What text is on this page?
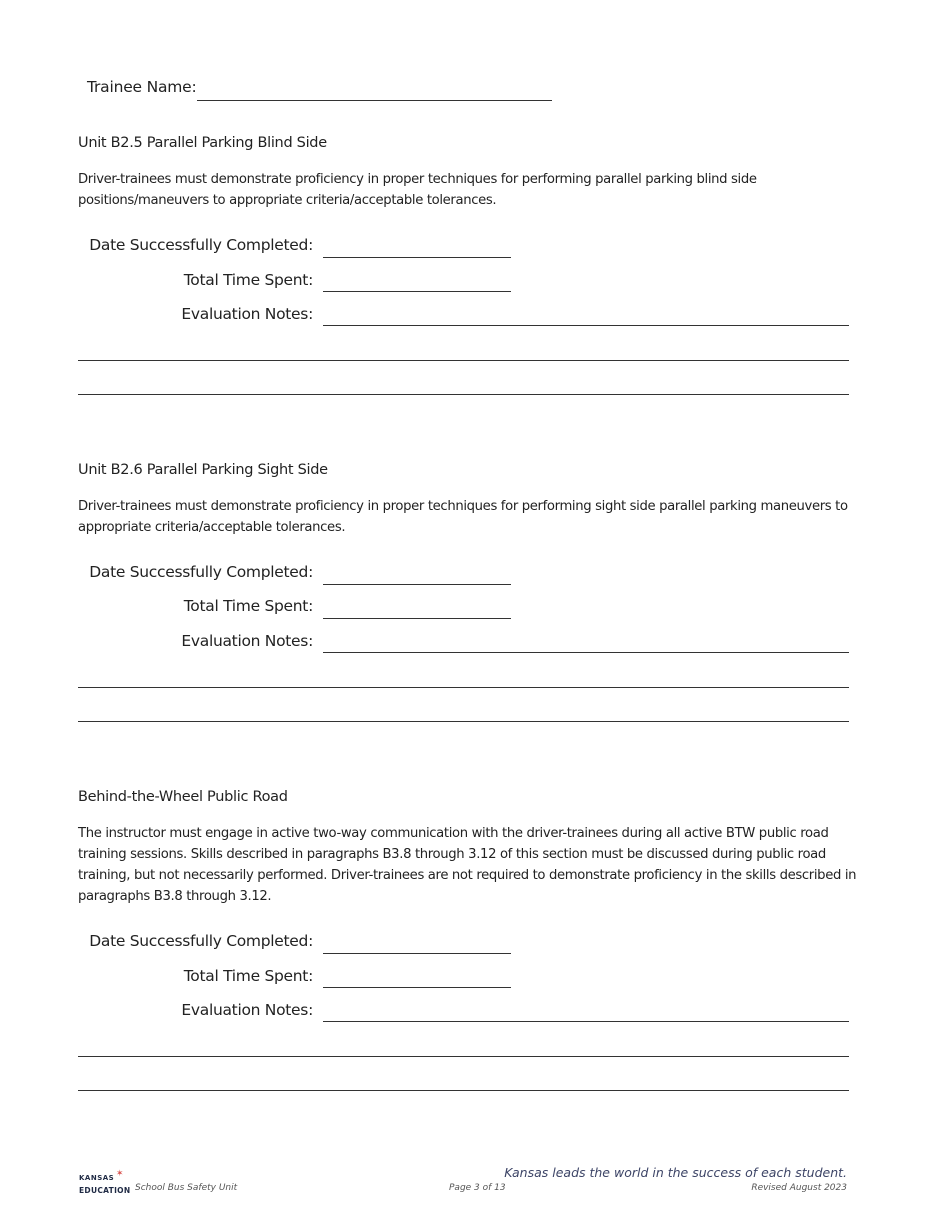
Trainee Name:
Unit B2.5 Parallel Parking Blind Side
Driver-trainees must demonstrate proficiency in proper techniques for performing parallel parking blind side positions/maneuvers to appropriate criteria/acceptable tolerances.
Date Successfully Completed:
Total Time Spent:
Evaluation Notes:
Unit B2.6 Parallel Parking Sight Side
Driver-trainees must demonstrate proficiency in proper techniques for performing sight side parallel parking maneuvers to appropriate criteria/acceptable tolerances.
Date Successfully Completed:
Total Time Spent:
Evaluation Notes:
Behind-the-Wheel Public Road
The instructor must engage in active two-way communication with the driver-trainees during all active BTW public road training sessions. Skills described in paragraphs B3.8 through 3.12 of this section must be discussed during public road training, but not necessarily performed. Driver-trainees are not required to demonstrate proficiency in the skills described in paragraphs B3.8 through 3.12.
Date Successfully Completed:
Total Time Spent:
Evaluation Notes:
KANSAS ✶
EDUCATION School Bus Safety Unit	Page 3 of 13
Kansas leads the world in the success of each student.
Revised August 2023
